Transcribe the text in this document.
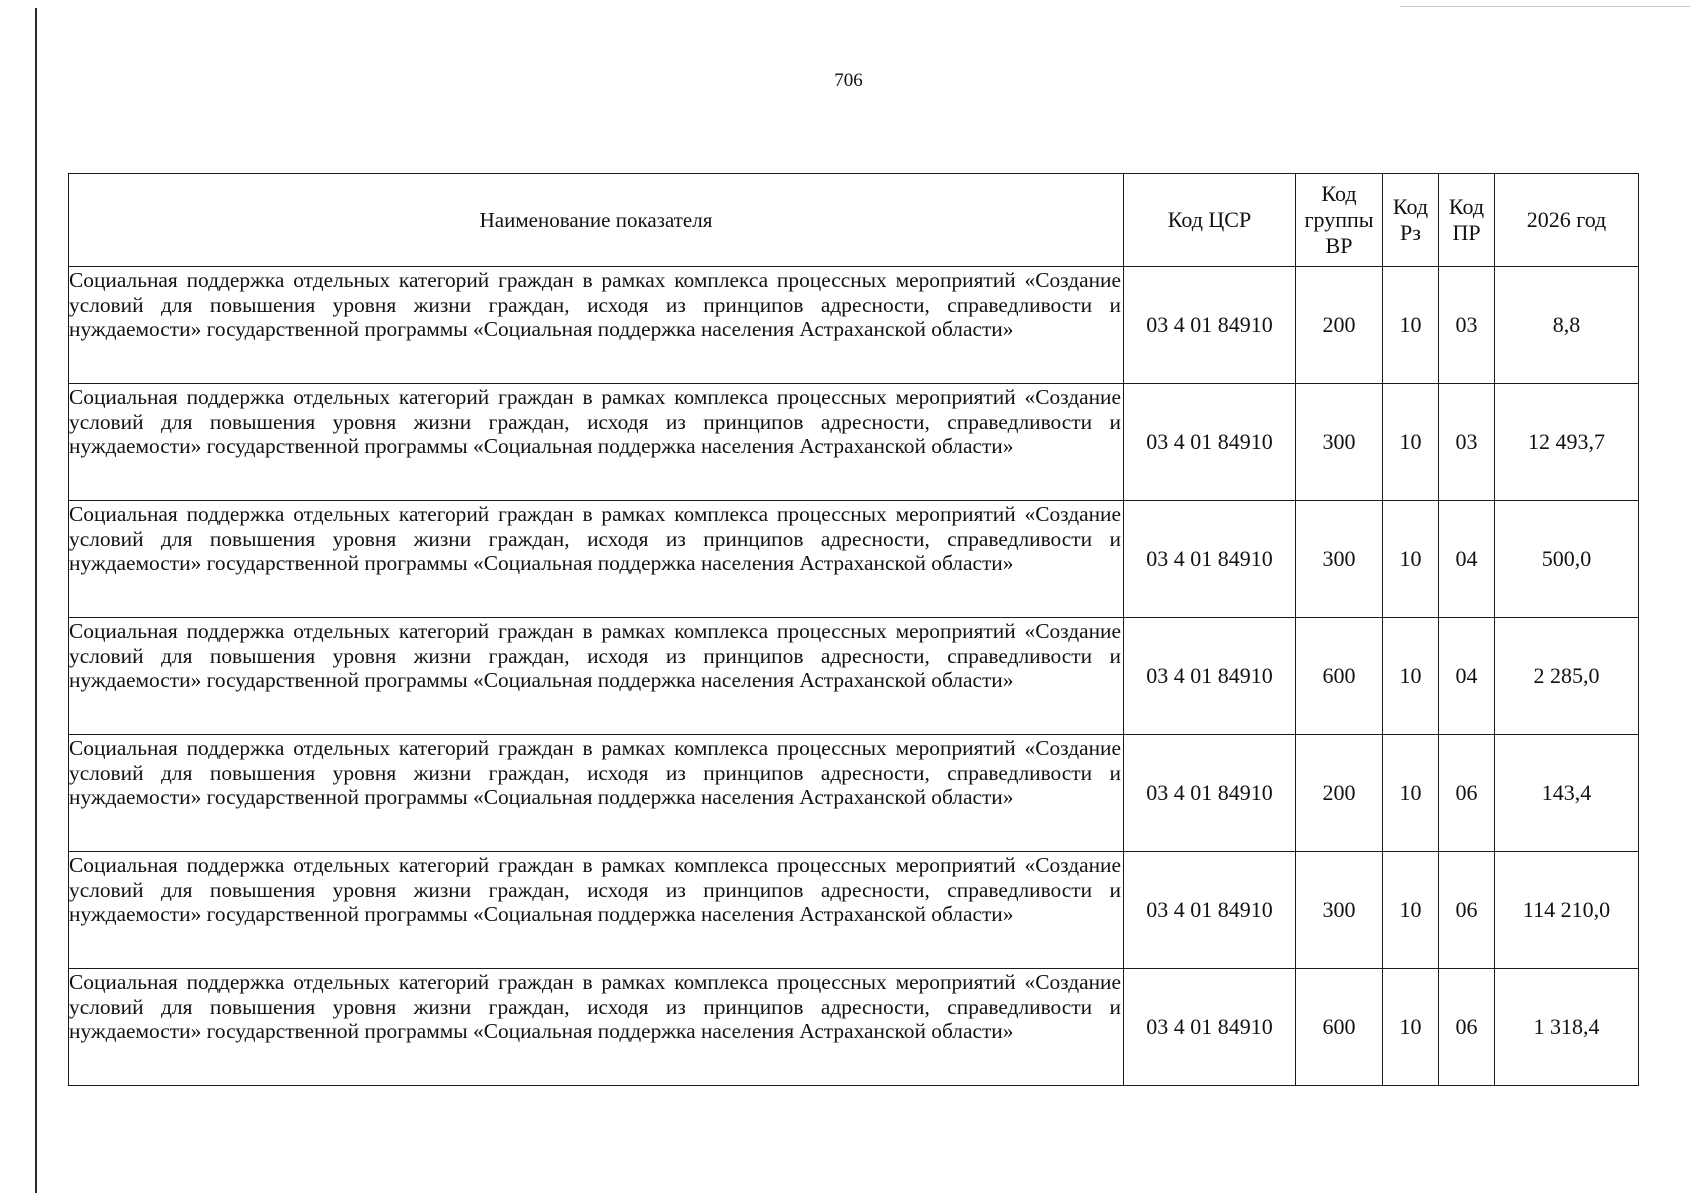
706
Наименование показателя	Код ЦСР	Код группы ВР	Код Рз	Код ПР	2026 год
Социальная поддержка отдельных категорий граждан в рамках комплекса процессных мероприятий «Создание условий для повышения уровня жизни граждан, исходя из принципов адресности, справедливости и нуждаемости» государственной программы «Социальная поддержка населения Астраханской области»	03 4 01 84910	200	10	03	8,8
Социальная поддержка отдельных категорий граждан в рамках комплекса процессных мероприятий «Создание условий для повышения уровня жизни граждан, исходя из принципов адресности, справедливости и нуждаемости» государственной программы «Социальная поддержка населения Астраханской области»	03 4 01 84910	300	10	03	12 493,7
Социальная поддержка отдельных категорий граждан в рамках комплекса процессных мероприятий «Создание условий для повышения уровня жизни граждан, исходя из принципов адресности, справедливости и нуждаемости» государственной программы «Социальная поддержка населения Астраханской области»	03 4 01 84910	300	10	04	500,0
Социальная поддержка отдельных категорий граждан в рамках комплекса процессных мероприятий «Создание условий для повышения уровня жизни граждан, исходя из принципов адресности, справедливости и нуждаемости» государственной программы «Социальная поддержка населения Астраханской области»	03 4 01 84910	600	10	04	2 285,0
Социальная поддержка отдельных категорий граждан в рамках комплекса процессных мероприятий «Создание условий для повышения уровня жизни граждан, исходя из принципов адресности, справедливости и нуждаемости» государственной программы «Социальная поддержка населения Астраханской области»	03 4 01 84910	200	10	06	143,4
Социальная поддержка отдельных категорий граждан в рамках комплекса процессных мероприятий «Создание условий для повышения уровня жизни граждан, исходя из принципов адресности, справедливости и нуждаемости» государственной программы «Социальная поддержка населения Астраханской области»	03 4 01 84910	300	10	06	114 210,0
Социальная поддержка отдельных категорий граждан в рамках комплекса процессных мероприятий «Создание условий для повышения уровня жизни граждан, исходя из принципов адресности, справедливости и нуждаемости» государственной программы «Социальная поддержка населения Астраханской области»	03 4 01 84910	600	10	06	1 318,4
